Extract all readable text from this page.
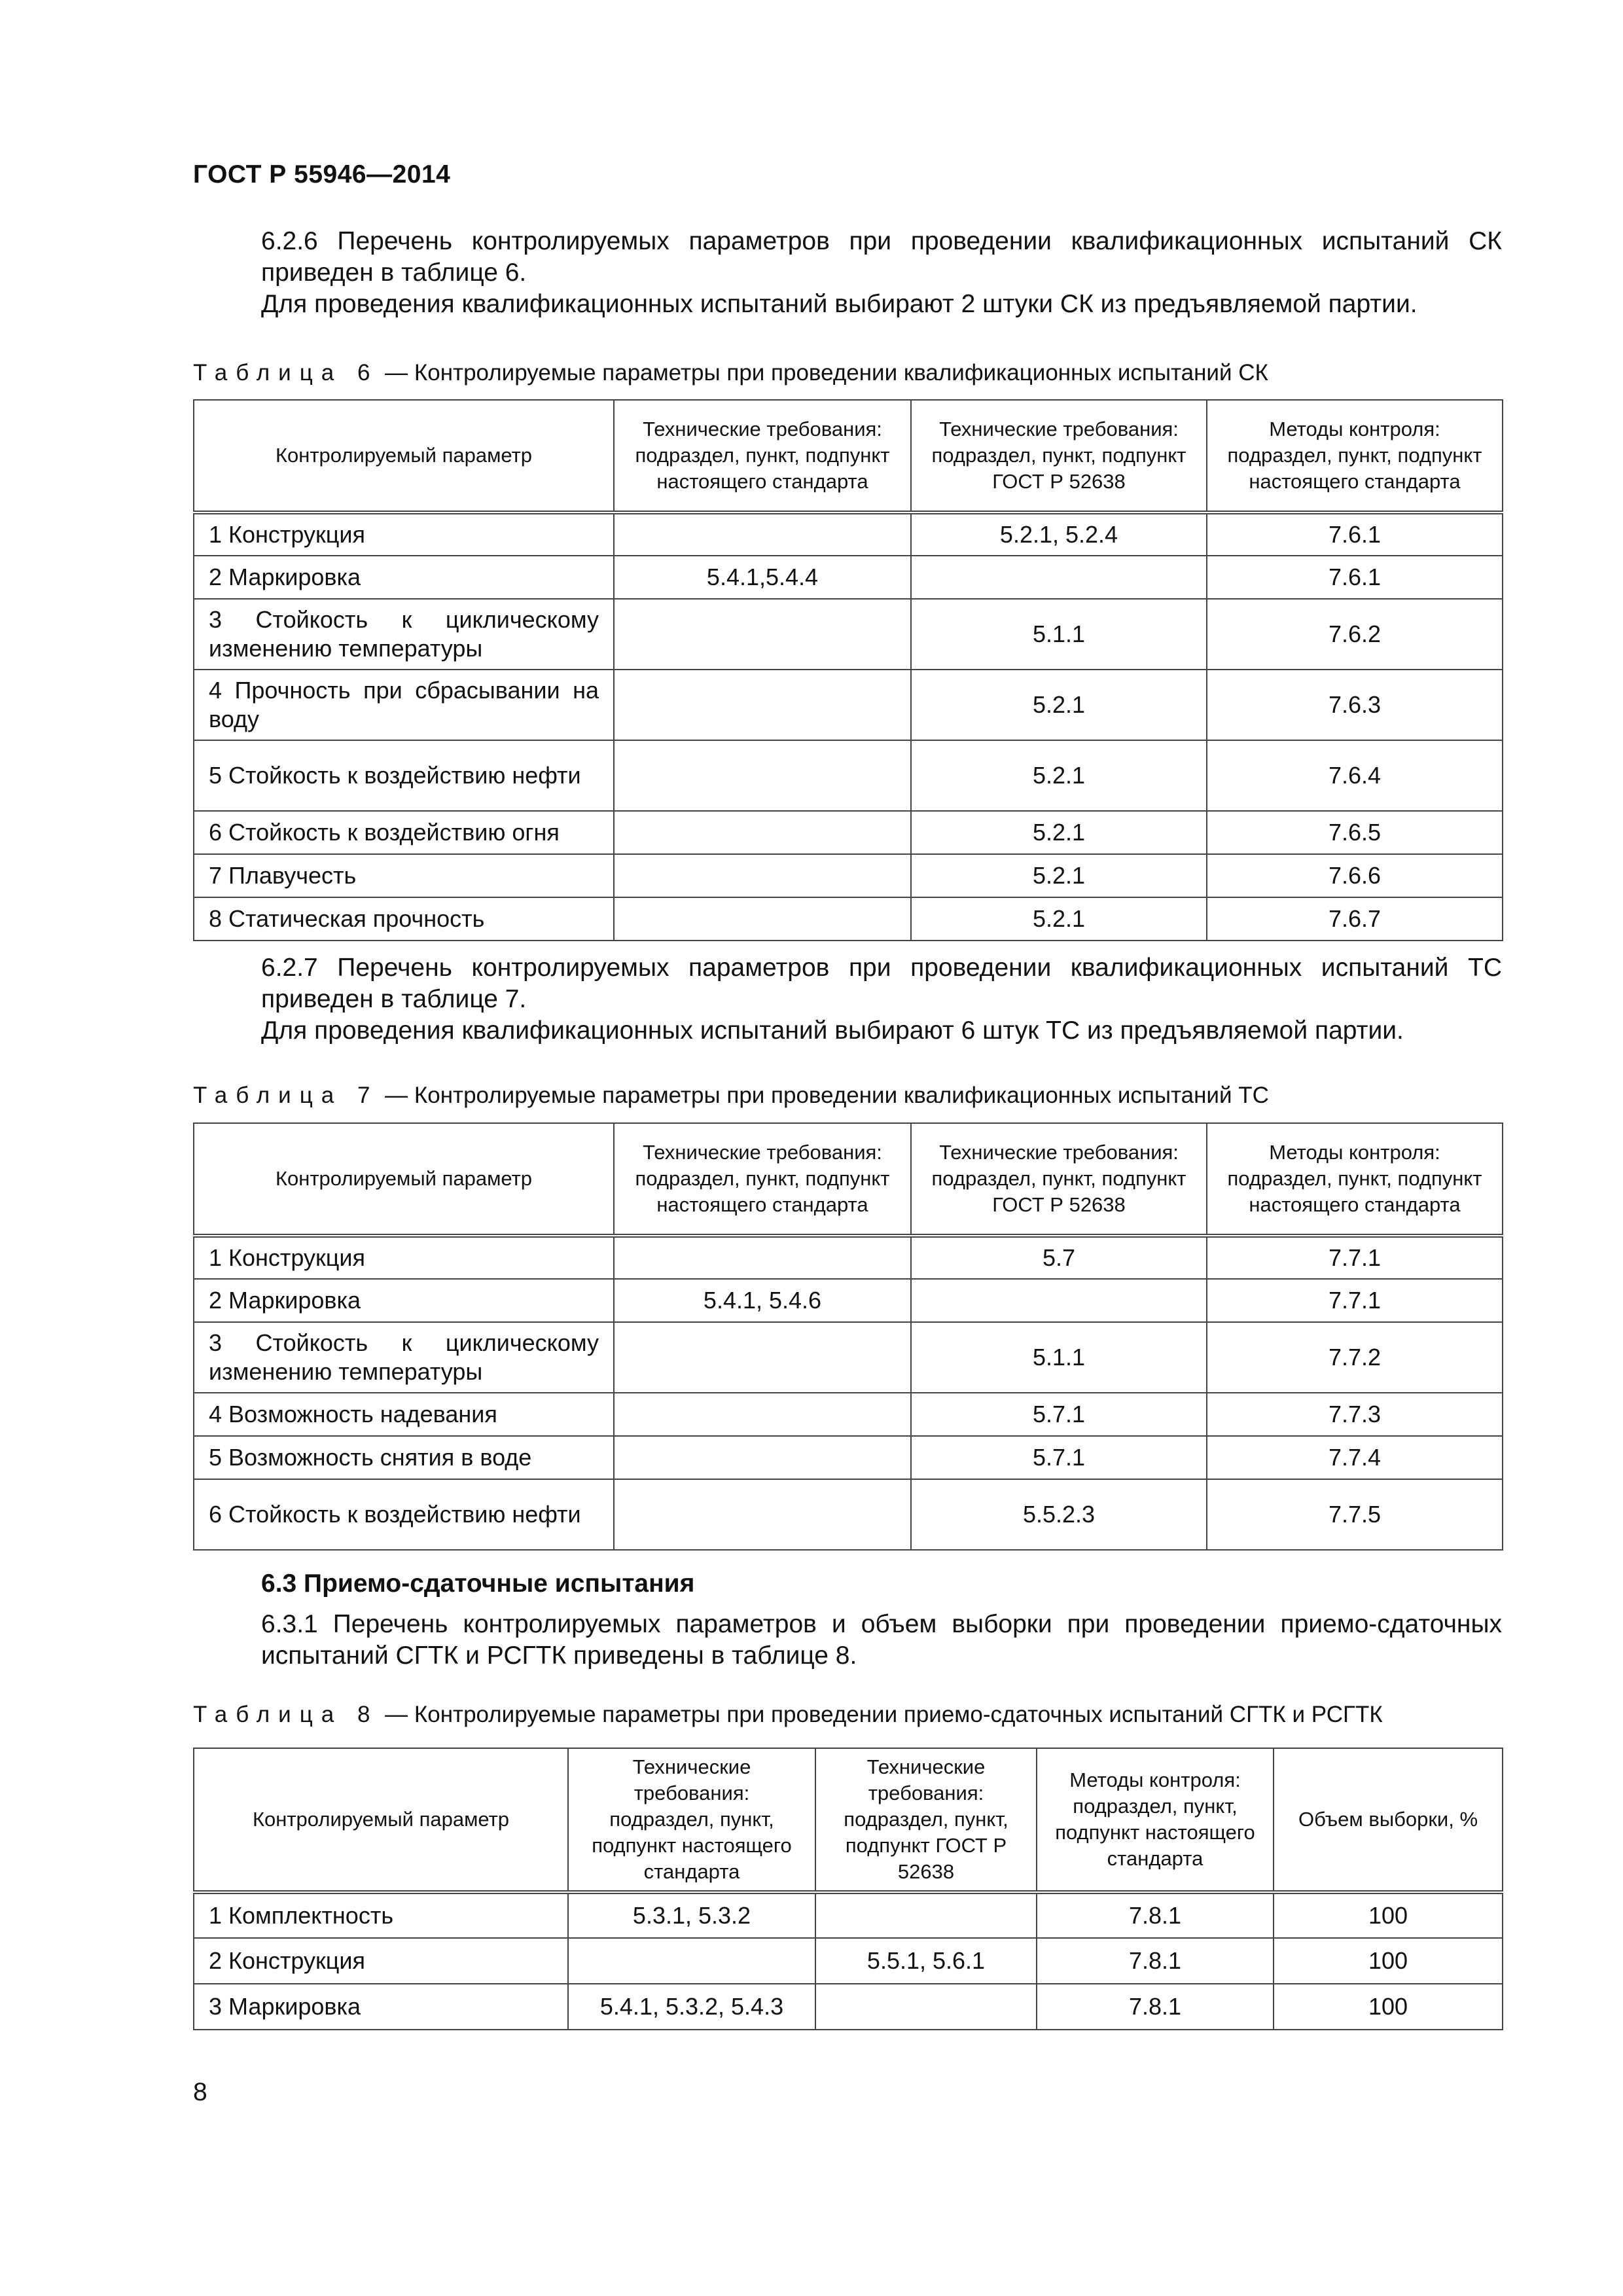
ГОСТ Р 55946—2014
6.2.6 Перечень контролируемых параметров при проведении квалификационных испытаний СК приведен в таблице 6.
Для проведения квалификационных испытаний выбирают 2 штуки СК из предъявляемой партии.
Таблица 6 — Контролируемые параметры при проведении квалификационных испытаний СК
Контролируемый параметр	Технические требования: подраздел, пункт, подпункт настоящего стандарта	Технические требования: подраздел, пункт, подпункт ГОСТ Р 52638	Методы контроля: подраздел, пункт, подпункт настоящего стандарта
1 Конструкция		5.2.1, 5.2.4	7.6.1
2 Маркировка	5.4.1,5.4.4		7.6.1
3 Стойкость к циклическому изменению температуры		5.1.1	7.6.2
4 Прочность при сбрасывании на воду		5.2.1	7.6.3
5 Стойкость к воздействию нефти		5.2.1	7.6.4
6 Стойкость к воздействию огня		5.2.1	7.6.5
7 Плавучесть		5.2.1	7.6.6
8 Статическая прочность		5.2.1	7.6.7
6.2.7 Перечень контролируемых параметров при проведении квалификационных испытаний ТС приведен в таблице 7.
Для проведения квалификационных испытаний выбирают 6 штук ТС из предъявляемой партии.
Таблица 7 — Контролируемые параметры при проведении квалификационных испытаний ТС
Контролируемый параметр	Технические требования: подраздел, пункт, подпункт настоящего стандарта	Технические требования: подраздел, пункт, подпункт ГОСТ Р 52638	Методы контроля: подраздел, пункт, подпункт настоящего стандарта
1 Конструкция		5.7	7.7.1
2 Маркировка	5.4.1, 5.4.6		7.7.1
3 Стойкость к циклическому изменению температуры		5.1.1	7.7.2
4 Возможность надевания		5.7.1	7.7.3
5 Возможность снятия в воде		5.7.1	7.7.4
6 Стойкость к воздействию нефти		5.5.2.3	7.7.5
6.3 Приемо-сдаточные испытания
6.3.1 Перечень контролируемых параметров и объем выборки при проведении приемо-сдаточных испытаний СГТК и РСГТК приведены в таблице 8.
Таблица 8 — Контролируемые параметры при проведении приемо-сдаточных испытаний СГТК и РСГТК
Контролируемый параметр	Технические требования: подраздел, пункт, подпункт настоящего стандарта	Технические требования: подраздел, пункт, подпункт ГОСТ Р 52638	Методы контроля: подраздел, пункт, подпункт настоящего стандарта	Объем выборки, %
1 Комплектность	5.3.1, 5.3.2		7.8.1	100
2 Конструкция		5.5.1, 5.6.1	7.8.1	100
3 Маркировка	5.4.1, 5.3.2, 5.4.3		7.8.1	100
8
